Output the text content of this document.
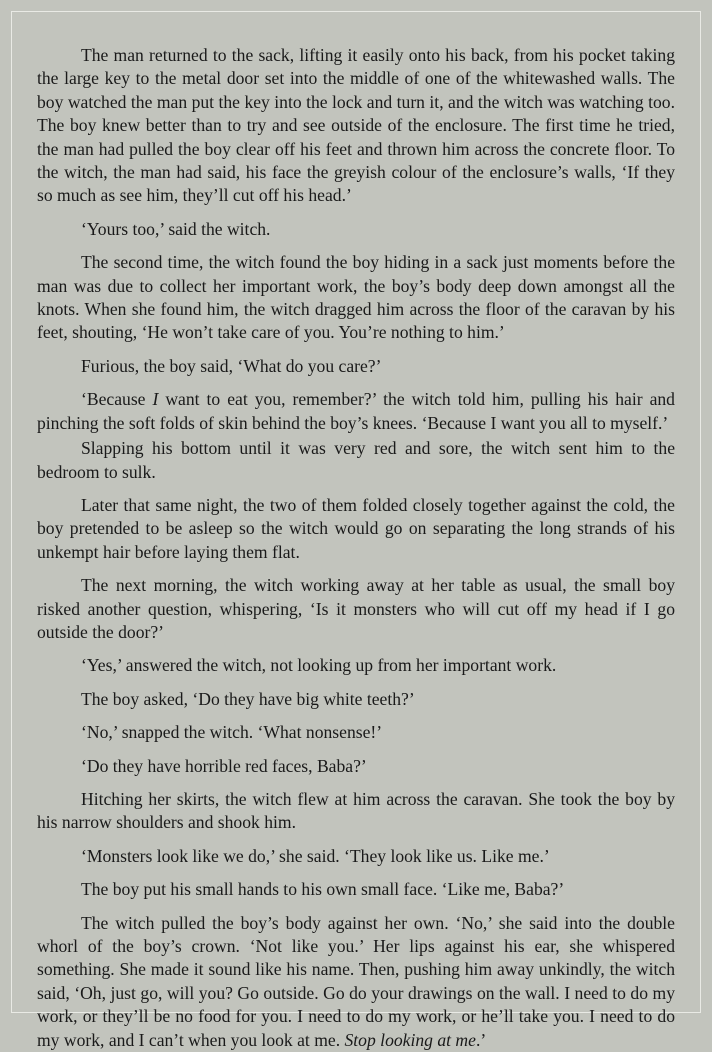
The man returned to the sack, lifting it easily onto his back, from his pocket taking the large key to the metal door set into the middle of one of the whitewashed walls. The boy watched the man put the key into the lock and turn it, and the witch was watching too. The boy knew better than to try and see outside of the enclosure. The first time he tried, the man had pulled the boy clear off his feet and thrown him across the concrete floor. To the witch, the man had said, his face the greyish colour of the enclosure’s walls, ‘If they so much as see him, they’ll cut off his head.’

‘Yours too,’ said the witch.

The second time, the witch found the boy hiding in a sack just moments before the man was due to collect her important work, the boy’s body deep down amongst all the knots. When she found him, the witch dragged him across the floor of the caravan by his feet, shouting, ‘He won’t take care of you. You’re nothing to him.’

Furious, the boy said, ‘What do you care?’

‘Because I want to eat you, remember?’ the witch told him, pulling his hair and pinching the soft folds of skin behind the boy’s knees. ‘Because I want you all to myself.’

Slapping his bottom until it was very red and sore, the witch sent him to the bedroom to sulk.

Later that same night, the two of them folded closely together against the cold, the boy pretended to be asleep so the witch would go on separating the long strands of his unkempt hair before laying them flat.

The next morning, the witch working away at her table as usual, the small boy risked another question, whispering, ‘Is it monsters who will cut off my head if I go outside the door?’

‘Yes,’ answered the witch, not looking up from her important work.

The boy asked, ‘Do they have big white teeth?’

‘No,’ snapped the witch. ‘What nonsense!’

‘Do they have horrible red faces, Baba?’

Hitching her skirts, the witch flew at him across the caravan. She took the boy by his narrow shoulders and shook him.

‘Monsters look like we do,’ she said. ‘They look like us. Like me.’

The boy put his small hands to his own small face. ‘Like me, Baba?’

The witch pulled the boy’s body against her own. ‘No,’ she said into the double whorl of the boy’s crown. ‘Not like you.’ Her lips against his ear, she whispered something. She made it sound like his name. Then, pushing him away unkindly, the witch said, ‘Oh, just go, will you? Go outside. Go do your drawings on the wall. I need to do my work, or they’ll be no food for you. I need to do my work, or he’ll take you. I need to do my work, and I can’t when you look at me. Stop looking at me.’
